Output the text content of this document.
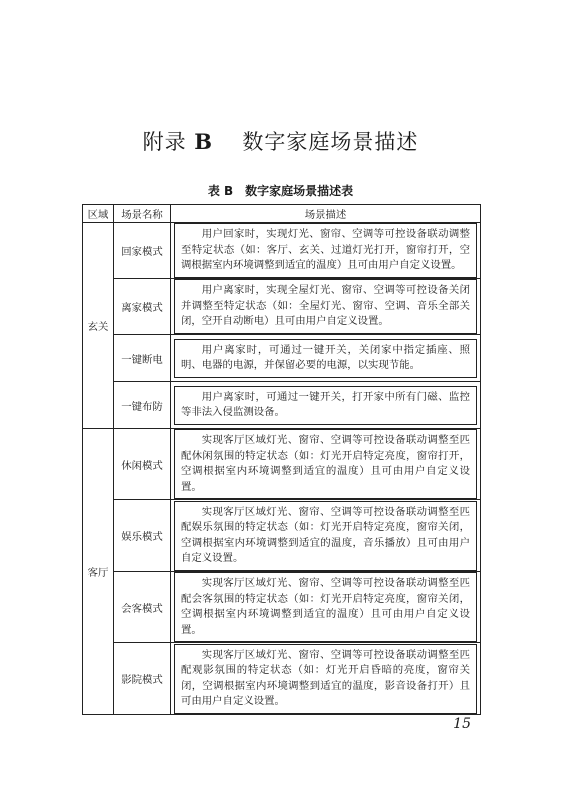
附录 B 数字家庭场景描述
表 B　数字家庭场景描述表
区域	场景名称	场景描述
玄关	回家模式	用户回家时，实现灯光、窗帘、空调等可控设备联动调整至特定状态（如：客厅、玄关、过道灯光打开，窗帘打开，空调根据室内环境调整到适宜的温度）且可由用户自定义设置。

	离家模式	用户离家时，实现全屋灯光、窗帘、空调等可控设备关闭并调整至特定状态（如：全屋灯光、窗帘、空调、音乐全部关闭，空开自动断电）且可由用户自定义设置。

	一键断电	用户离家时，可通过一键开关，关闭家中指定插座、照明、电器的电源，并保留必要的电源，以实现节能。

	一键布防	用户离家时，可通过一键开关，打开家中所有门磁、监控等非法入侵监测设备。

客厅	休闲模式	实现客厅区域灯光、窗帘、空调等可控设备联动调整至匹配休闲氛围的特定状态（如：灯光开启特定亮度，窗帘打开，空调根据室内环境调整到适宜的温度）且可由用户自定义设置。

	娱乐模式	实现客厅区域灯光、窗帘、空调等可控设备联动调整至匹配娱乐氛围的特定状态（如：灯光开启特定亮度，窗帘关闭，空调根据室内环境调整到适宜的温度，音乐播放）且可由用户自定义设置。

	会客模式	实现客厅区域灯光、窗帘、空调等可控设备联动调整至匹配会客氛围的特定状态（如：灯光开启特定亮度，窗帘关闭，空调根据室内环境调整到适宜的温度）且可由用户自定义设置。

	影院模式	实现客厅区域灯光、窗帘、空调等可控设备联动调整至匹配观影氛围的特定状态（如：灯光开启昏暗的亮度，窗帘关闭，空调根据室内环境调整到适宜的温度，影音设备打开）且可由用户自定义设置。
15
